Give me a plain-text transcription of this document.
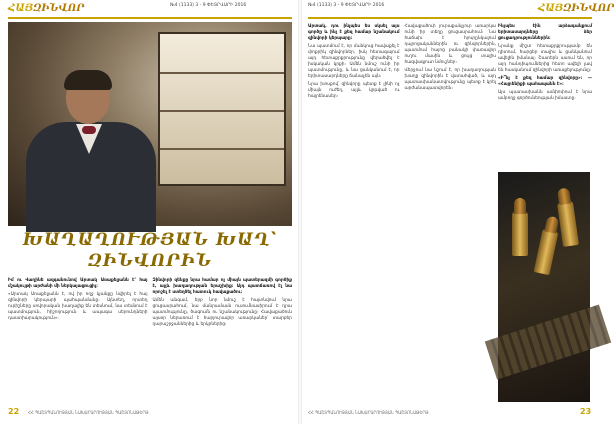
ՀԱՅԶԻՆՎՈՐ	№4 (1133) 3 - 9 ՓԵՏՐՎԱՐԻ 2016
ԽԱՂԱՂՈՒԹՅԱՆ ԽԱՂ՝
ԶԻՆՎՈՐԻՆ

Իմ ու Վաղինե ազգանունով Արտակ Առաքելյանն է՝ հայ մշակույթի արժանի մի ներկայացուցիչ։

«Արտակ Առաքելյանն է, ով իր ողջ կյանքը նվիրել է հայ զինվորի կերպարի պահպանմանը։ Այնտեղ, որտեղ ուրիշները սովորական խաղալիք են տեսնում, նա տեսնում է պատմություն, հիշողություն և ապագա սերունդների դաստիարակություն»։

Զինվորի զենքը նրա համար ոչ միայն պատերազմի գործիք է, այլև խաղաղության երաշխիք։ Այդ պատճառով էլ նա որոշել է ստեղծել հատուկ հավաքածու։

Ամեն անգամ, երբ նոր նմուշ է հայտնվում նրա ցուցասրահում, նա մանրամասն ուսումնասիրում է դրա պատմությունը, ծագումն ու նշանակությունը։ Հավաքածուն այսօր ներառում է հարյուրավոր առարկաներ՝ տարբեր դարաշրջաններից և երկրներից։

22 ՀՀ ՊԱՇՏՊԱՆՈՒԹՅԱՆ ՆԱԽԱՐԱՐՈՒԹՅԱՆ ՊԱՇՏՈՆԱԹԵՐԹ
№4 (1133) 3 - 9 ՓԵՏՐՎԱՐԻ 2016	ՀԱՅԶԻՆՎՈՐ

Արտակ, դու ինչպես ես սկսել այս գործը և ինչ է քեզ համար նշանակում զինվորի կերպարը։

Նա պատմում է, որ մանկուց հավաքել է փոքրիկ զինվորներ, իսկ հետագայում այդ հետաքրքրությունը վերածվել է իսկական կրքի։ Ամեն նմուշ ունի իր պատմությունը, և նա ցանկանում է, որ երիտասարդները ճանաչեն այն։

Նրա խոսքով՝ զինվորը պետք է լինի ոչ միայն ուժեղ, այլև կրթված ու հայրենասեր։

Հավաքածուի յուրաքանչյուր առարկա ունի իր տեղը ցուցասրահում։ Նա հաճախ է հյուրընկալում դպրոցականներին ու զինվորներին, պատմում հայոց բանակի փառավոր ուղու մասին և ցույց տալիս հազվագյուտ նմուշներ։

Վերջում նա նշում է, որ խաղաղության խաղը զինվորին է վստահված, և այդ պատասխանատվությունը պետք է կրել արժանապատվորեն։

Ինչպես էին արձագանքում երիտասարդները ձեր ցուցադրություններին։

Նրանք միշտ հետաքրքրությամբ են դիտում, հարցեր տալիս և ցանկանում ավելին իմանալ։ Շատերն ասում են, որ այդ հանդիպումներից հետո ավելի լավ են հասկանում զինվորի առաքելությունը։

«Ի՞նչ է քեզ համար զինվորը»։ — «Հայրենիքի պահապանն է»։

Այս պատասխանն ամփոփում է նրա ամբողջ գործունեության իմաստը։

ՀՀ ՊԱՇՏՊԱՆՈՒԹՅԱՆ ՆԱԽԱՐԱՐՈՒԹՅԱՆ ՊԱՇՏՈՆԱԹԵՐԹ	23
